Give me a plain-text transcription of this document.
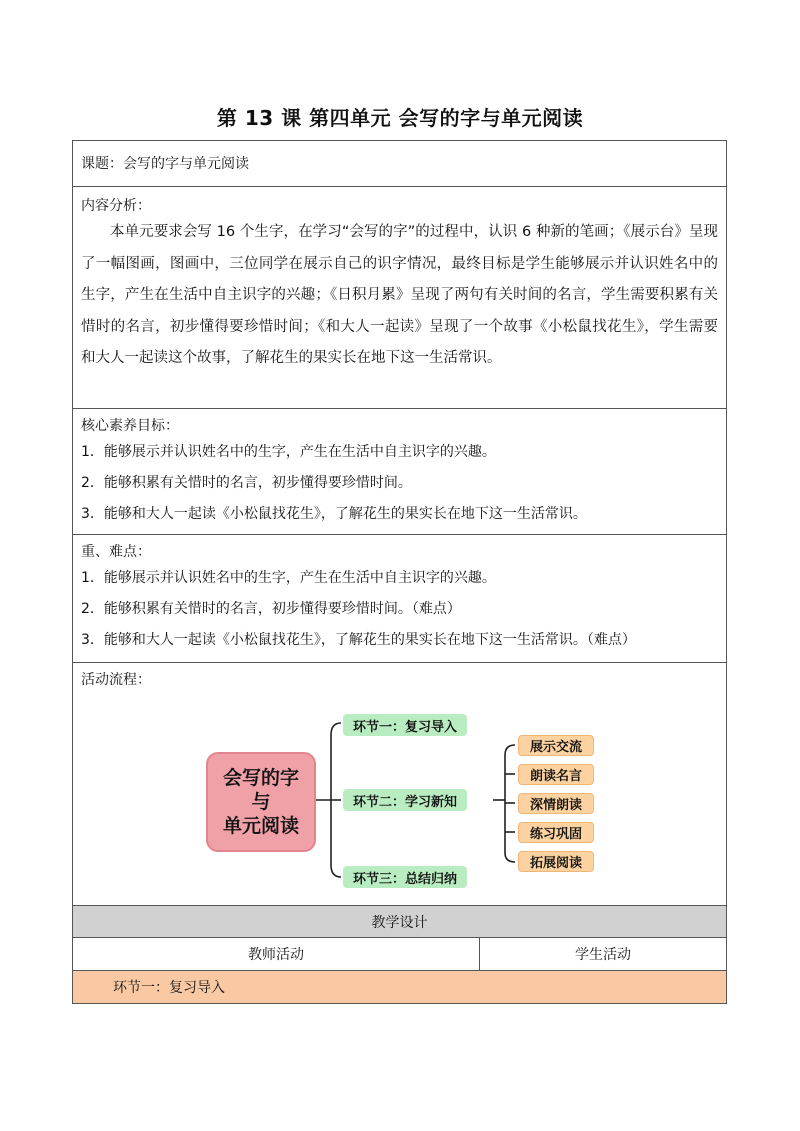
第 13 课 第四单元 会写的字与单元阅读
课题：会写的字与单元阅读
内容分析：
本单元要求会写 16 个生字，在学习“会写的字”的过程中，认识 6 种新的笔画；《展示台》呈现了一幅图画，图画中，三位同学在展示自己的识字情况，最终目标是学生能够展示并认识姓名中的生字，产生在生活中自主识字的兴趣；《日积月累》呈现了两句有关时间的名言，学生需要积累有关惜时的名言，初步懂得要珍惜时间；《和大人一起读》呈现了一个故事《小松鼠找花生》，学生需要和大人一起读这个故事，了解花生的果实长在地下这一生活常识。
核心素养目标：
1．能够展示并认识姓名中的生字，产生在生活中自主识字的兴趣。
2．能够积累有关惜时的名言，初步懂得要珍惜时间。
3．能够和大人一起读《小松鼠找花生》，了解花生的果实长在地下这一生活常识。
重、难点：
1．能够展示并认识姓名中的生字，产生在生活中自主识字的兴趣。
2．能够积累有关惜时的名言，初步懂得要珍惜时间。（难点）
3．能够和大人一起读《小松鼠找花生》，了解花生的果实长在地下这一生活常识。（难点）
活动流程：
会写的字
与
单元阅读
环节一：复习导入
环节二：学习新知
环节三：总结归纳
展示交流
朗读名言
深情朗读
练习巩固
拓展阅读
教学设计
教师活动	学生活动
环节一：复习导入
